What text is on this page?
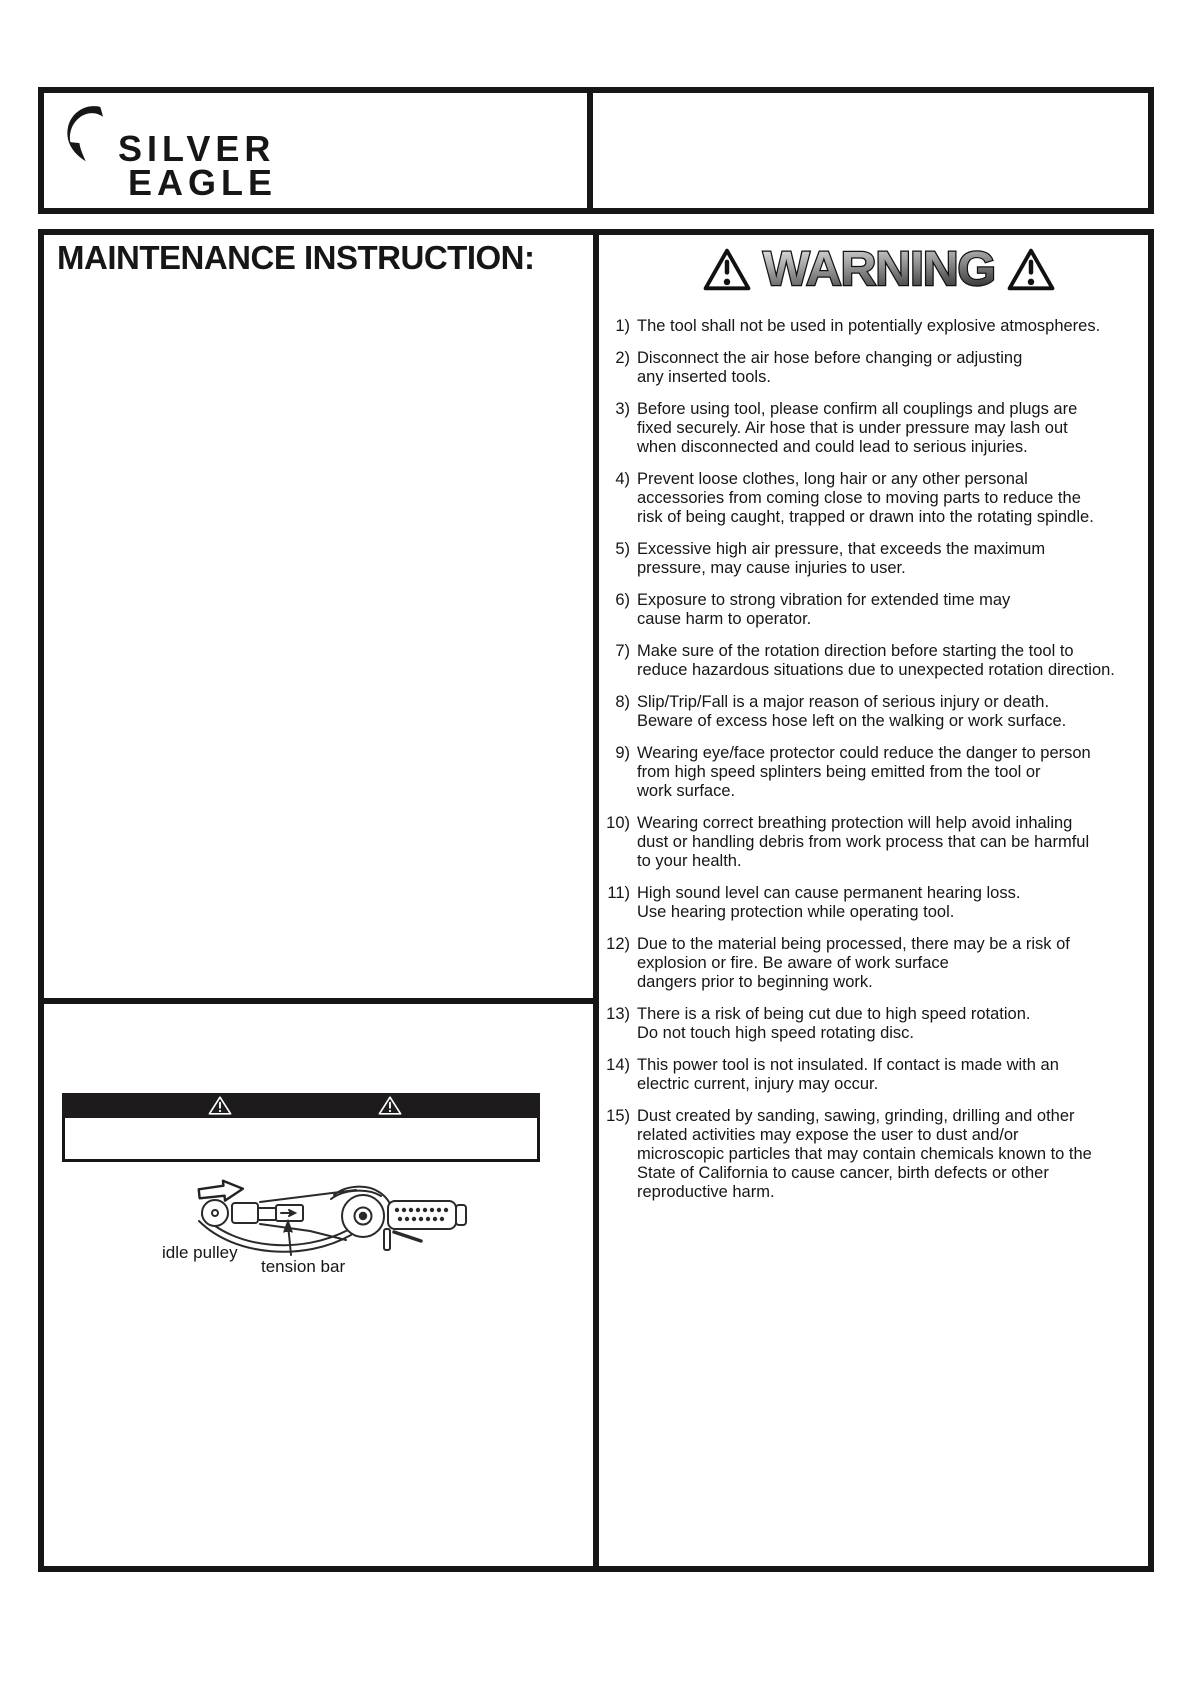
SILVER
EAGLE
MAINTENANCE INSTRUCTION:	WARNING
1) The tool shall not be used in potentially explosive atmospheres.
2) Disconnect the air hose before changing or adjusting
any inserted tools.
3) Before using tool, please confirm all couplings and plugs are
fixed securely. Air hose that is under pressure may lash out
when disconnected and could lead to serious injuries.
4) Prevent loose clothes, long hair or any other personal
accessories from coming close to moving parts to reduce the
risk of being caught, trapped or drawn into the rotating spindle.
5) Excessive high air pressure, that exceeds the maximum
pressure, may cause injuries to user.
6) Exposure to strong vibration for extended time may
cause harm to operator.
7) Make sure of the rotation direction before starting the tool to
reduce hazardous situations due to unexpected rotation direction.
8) Slip/Trip/Fall is a major reason of serious injury or death.
Beware of excess hose left on the walking or work surface.
9) Wearing eye/face protector could reduce the danger to person
from high speed splinters being emitted from the tool or
work surface.
10) Wearing correct breathing protection will help avoid inhaling
dust or handling debris from work process that can be harmful
to your health.
11) High sound level can cause permanent hearing loss.
Use hearing protection while operating tool.
12) Due to the material being processed, there may be a risk of
explosion or fire. Be aware of work surface
dangers prior to beginning work.
13) There is a risk of being cut due to high speed rotation.
Do not touch high speed rotating disc.
14) This power tool is not insulated. If contact is made with an
electric current, injury may occur.
15) Dust created by sanding, sawing, grinding, drilling and other
related activities may expose the user to dust and/or
microscopic particles that may contain chemicals known to the
State of California to cause cancer, birth defects or other
reproductive harm.
idle pulley
tension bar
